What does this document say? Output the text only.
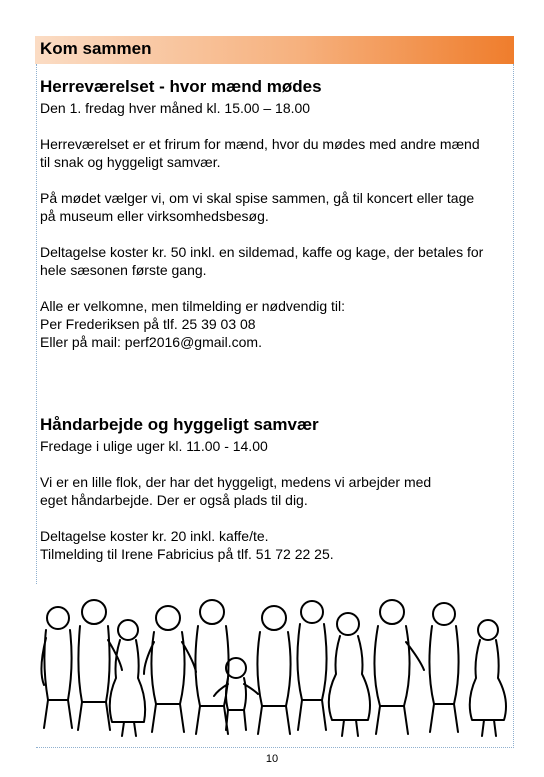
Kom sammen

Herreværelset - hvor mænd mødes

Den 1. fredag hver måned kl. 15.00 – 18.00

Herreværelset er et frirum for mænd, hvor du mødes med andre mænd

til snak og hyggeligt samvær.

På mødet vælger vi, om vi skal spise sammen, gå til koncert eller tage

på museum eller virksomhedsbesøg.

Deltagelse koster kr. 50 inkl. en sildemad, kaffe og kage, der betales for

hele sæsonen første gang.

Alle er velkomne, men tilmelding er nødvendig til:

Per Frederiksen på tlf. 25 39 03 08

Eller på mail: perf2016@gmail.com.

Håndarbejde og hyggeligt samvær

Fredage i ulige uger kl. 11.00 - 14.00

Vi er en lille flok, der har det hyggeligt, medens vi arbejder med

eget håndarbejde. Der er også plads til dig.

Deltagelse koster kr. 20 inkl. kaffe/te.

Tilmelding til Irene Fabricius på tlf. 51 72 22 25.

10
